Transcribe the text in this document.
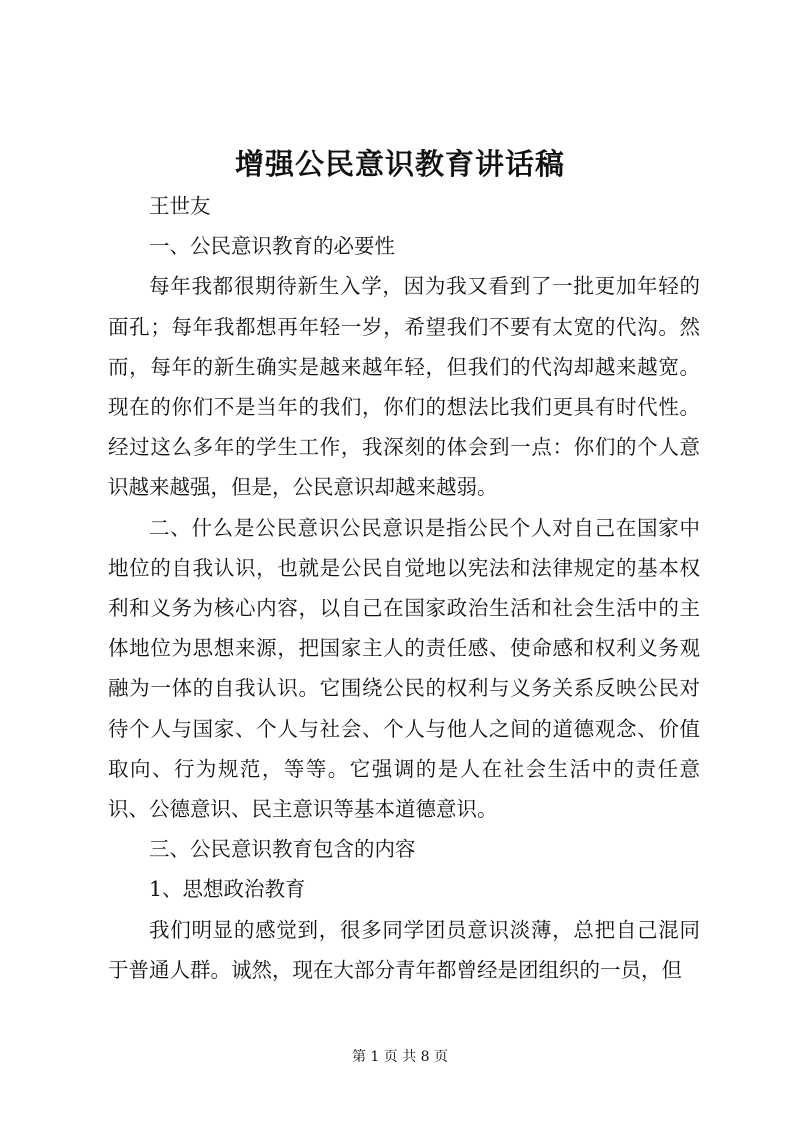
增强公民意识教育讲话稿

王世友

一、公民意识教育的必要性

每年我都很期待新生入学，因为我又看到了一批更加年轻的面孔；每年我都想再年轻一岁，希望我们不要有太宽的代沟。然而，每年的新生确实是越来越年轻，但我们的代沟却越来越宽。现在的你们不是当年的我们，你们的想法比我们更具有时代性。经过这么多年的学生工作，我深刻的体会到一点：你们的个人意识越来越强，但是，公民意识却越来越弱。

二、什么是公民意识公民意识是指公民个人对自己在国家中地位的自我认识，也就是公民自觉地以宪法和法律规定的基本权利和义务为核心内容，以自己在国家政治生活和社会生活中的主体地位为思想来源，把国家主人的责任感、使命感和权利义务观融为一体的自我认识。它围绕公民的权利与义务关系反映公民对待个人与国家、个人与社会、个人与他人之间的道德观念、价值取向、行为规范，等等。它强调的是人在社会生活中的责任意识、公德意识、民主意识等基本道德意识。

三、公民意识教育包含的内容

1、思想政治教育

我们明显的感觉到，很多同学团员意识淡薄，总把自己混同于普通人群。诚然，现在大部分青年都曾经是团组织的一员，但

第 1 页 共 8 页
